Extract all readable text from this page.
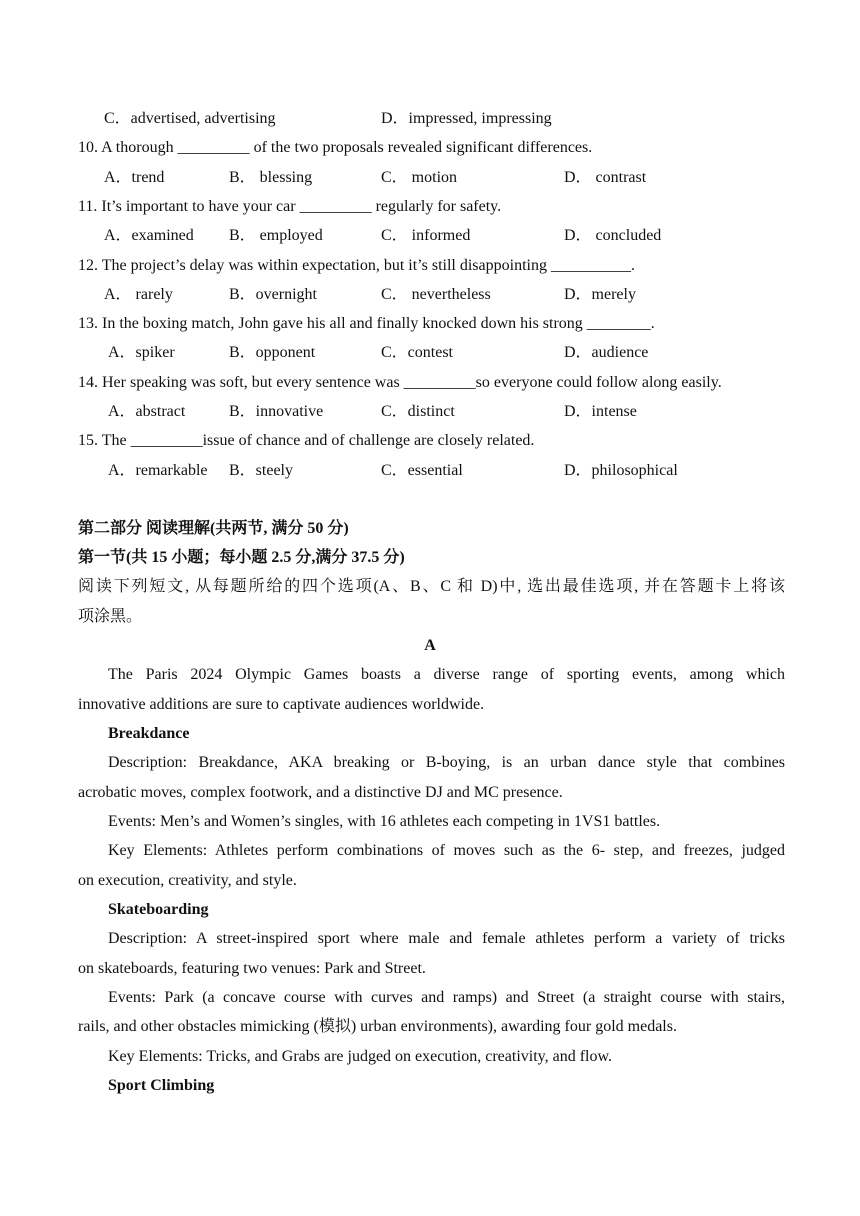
C．advertised, advertising	D．impressed, impressing
10. A thorough _________ of the two proposals revealed significant differences.
A．trend	B． blessing	C． motion	D． contrast
11. It’s important to have your car _________ regularly for safety.
A．examined B． employed	C． informed	D． concluded
12. The project’s delay was within expectation, but it’s still disappointing __________.
A． rarely	B．overnight	C． nevertheless	D．merely
13. In the boxing match, John gave his all and finally knocked down his strong ________.
A．spiker	B．opponent	C．contest	D．audience
14. Her speaking was soft, but every sentence was _________so everyone could follow along easily.
A．abstract	B．innovative	C．distinct	D．intense
15. The _________issue of chance and of challenge are closely related.
A．remarkable B．steely	C．essential	D．philosophical
第二部分 阅读理解(共两节, 满分 50 分)
第一节(共 15 小题；每小题 2.5 分,满分 37.5 分)
阅读下列短文, 从每题所给的四个选项(A、B、C 和 D)中, 选出最佳选项, 并在答题卡上将该
项涂黑。
A
The Paris 2024 Olympic Games boasts a diverse range of sporting events, among which
innovative additions are sure to captivate audiences worldwide.
Breakdance
Description: Breakdance, AKA breaking or B-boying, is an urban dance style that combines
acrobatic moves, complex footwork, and a distinctive DJ and MC presence.
Events: Men’s and Women’s singles, with 16 athletes each competing in 1VS1 battles.
Key Elements: Athletes perform combinations of moves such as the 6- step, and freezes, judged
on execution, creativity, and style.
Skateboarding
Description: A street-inspired sport where male and female athletes perform a variety of tricks
on skateboards, featuring two venues: Park and Street.
Events: Park (a concave course with curves and ramps) and Street (a straight course with stairs,
rails, and other obstacles mimicking (模拟) urban environments), awarding four gold medals.
Key Elements: Tricks, and Grabs are judged on execution, creativity, and flow.
Sport Climbing
